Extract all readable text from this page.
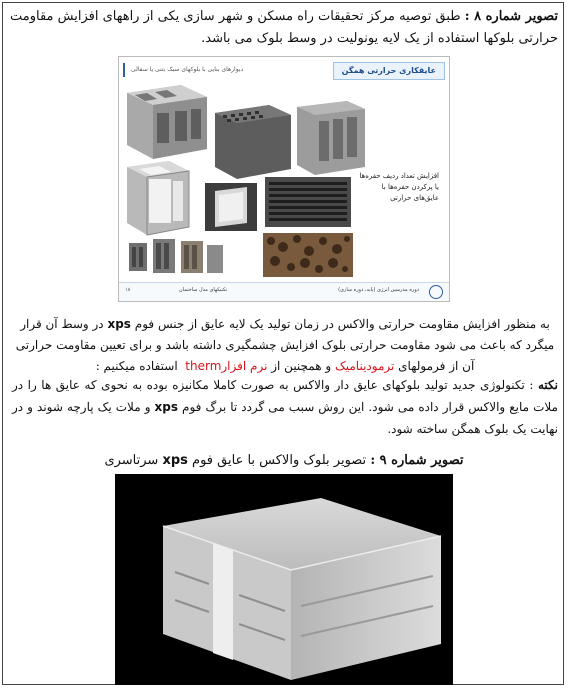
تصویر شماره ۸ : طبق توصیه مرکز تحقیقات راه مسکن و شهر سازی یکی از راههای افزایش مقاومت حرارتی بلوکها استفاده از یک لایه یونولیت در وسط بلوک می باشد.

عایقکاری حرارتی همگن
دیوارهای بنایی با بلوکهای سبک بتنی یا سفالی
افزایش تعداد ردیف حفره‌ها یا پرکردن حفره‌ها با عایق‌های حرارتی
دوره مدرسین انرژی (پایه، دوره سازی)
تکنیکهای مدل ساختمان
۱۸

به منظور افزایش مقاومت حرارتی والاکس در زمان تولید یک لایه عایق از جنس فوم xps در وسط آن قرار میگرد که باعث می شود مقاومت حرارتی بلوک افزایش چشمگیری داشته باشد و برای تعیین مقاومت حرارتی آن از فرمولهای ترمودینامیک و همچنین از نرم افزار therm استفاده میکنیم :

نکته : تکنولوژی جدید تولید بلوکهای عایق دار والاکس به صورت کاملا مکانیزه بوده به نحوی که عایق ها را در ملات مایع والاکس قرار داده می شود. این روش سبب می گردد تا برگ فوم xps و ملات یک پارچه شوند و در نهایت یک بلوک همگن ساخته شود.

تصویر شماره ۹ : تصویر بلوک والاکس با عایق فوم xps سرتاسری
